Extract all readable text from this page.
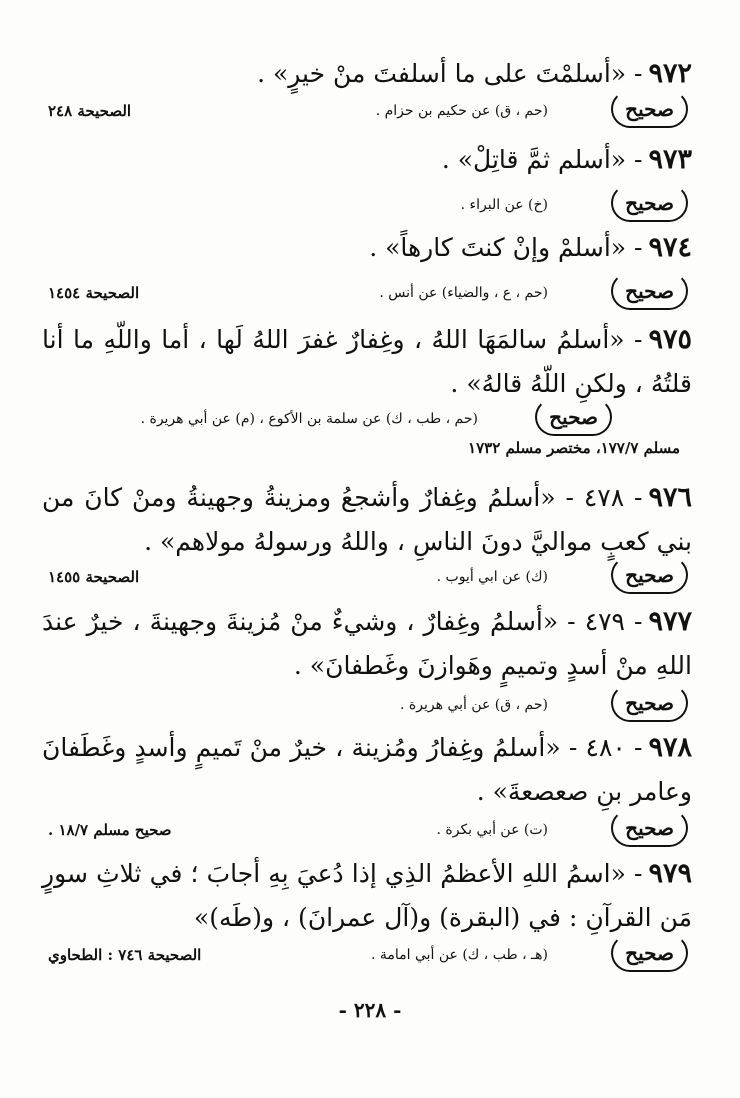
٩٧٢- «أسلمْتَ على ما أسلفتَ منْ خيرٍ» .
صحيح
(حم ، ق) عن حكيم بن حزام .
الصحيحة ٢٤٨
٩٧٣- «أسلم ثمَّ قاتِلْ» .
صحيح
(خ) عن البراء .
٩٧٤- «أسلمْ وإنْ كنتَ كارهاً» .
صحيح
(حم ، ع ، والضياء) عن أنس .
الصحيحة ١٤٥٤
٩٧٥- «أسلمُ سالمَهَا اللهُ ، وغِفارٌ غفرَ اللهُ لَها ، أما واللّهِ ما أنا قلتُهُ ، ولكنِ اللّهُ قالهُ» .
صحيح
(حم ، طب ، ك) عن سلمة بن الأكوع ، (م) عن أبي هريرة .
مسلم ١٧٧/٧، مختصر مسلم ١٧٣٢
٩٧٦- ٤٧٨ - «أسلمُ وغِفارٌ وأشجعُ ومزينةُ وجهينةُ ومنْ كانَ من بني كعبٍ مواليَّ دونَ الناسِ ، واللهُ ورسولهُ مولاهم» .
صحيح
(ك) عن ابي أيوب .
الصحيحة ١٤٥٥
٩٧٧- ٤٧٩ - «أسلمُ وغِفارٌ ، وشيءٌ منْ مُزينةَ وجهينةَ ، خيرٌ عندَ اللهِ منْ أسدٍ وتميمٍ وهَوازنَ وغَطفانَ» .
صحيح
(حم ، ق) عن أبي هريرة .
٩٧٨- ٤٨٠ - «أسلمُ وغِفارُ ومُزينة ، خيرٌ منْ تَميمٍ وأسدٍ وغَطَفانَ وعامر بنِ صعصعةَ» .
صحيح
(ت) عن أبي بكرة .
صحيح مسلم ١٨/٧ .
٩٧٩- «اسمُ اللهِ الأعظمُ الذِي إذا دُعيَ بِهِ أجابَ ؛ في ثلاثِ سورٍ مَن القرآنِ : في (البقرة) و(آل عمرانَ) ، و(طَه)»
صحيح
(هـ ، طب ، ك) عن أبي امامة .
الصحيحة ٧٤٦ : الطحاوي
- ٢٢٨ -
